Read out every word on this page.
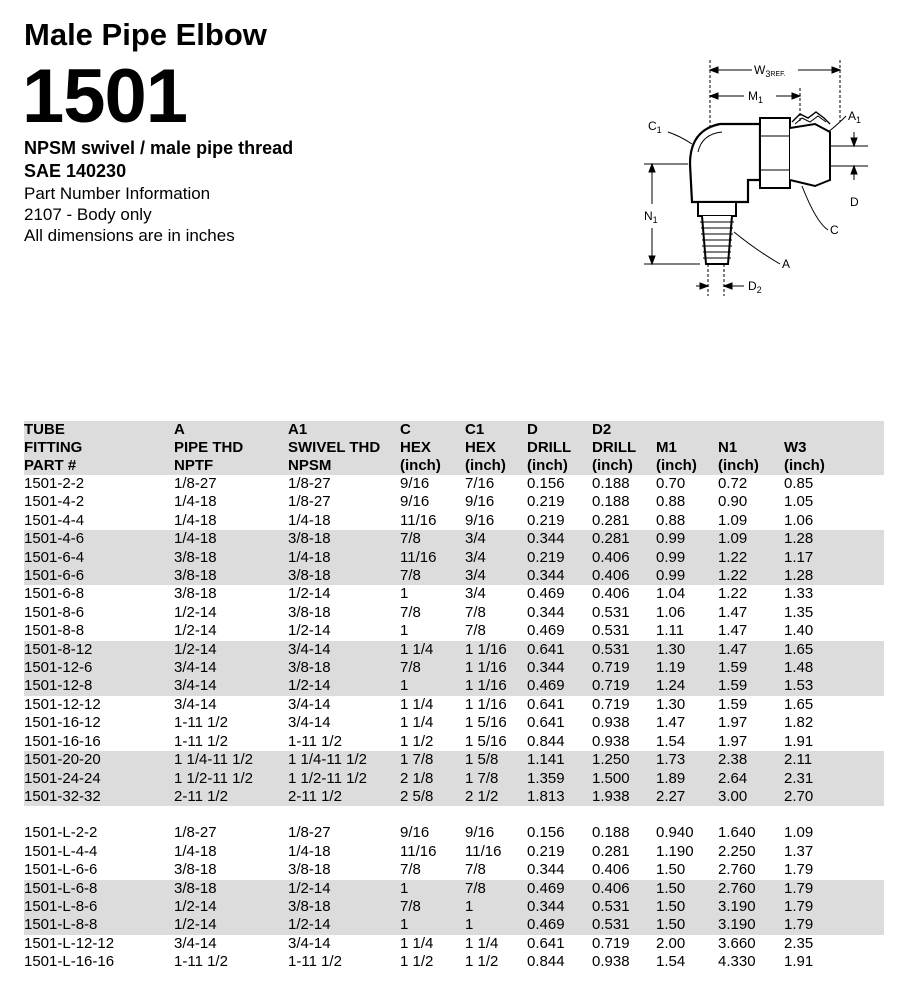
Male Pipe Elbow
1501
NPSM swivel / male pipe thread
SAE 140230
Part Number Information
2107 - Body only
All dimensions are in inches
$W_3REF$.
$M_1$
$C_1$
D
$A_1$
C
A
$N_1$
$D_2$
TUBE	A	A1	C	C1	D	D2			
FITTING	PIPE THD	SWIVEL THD	HEX	HEX	DRILL	DRILL	M1	N1	W3
PART #	NPTF	NPSM	(inch)	(inch)	(inch)	(inch)	(inch)	(inch)	(inch)
1501-2-2	1/8-27	1/8-27	9/16	7/16	0.156	0.188	0.70	0.72	0.85
1501-4-2	1/4-18	1/8-27	9/16	9/16	0.219	0.188	0.88	0.90	1.05
1501-4-4	1/4-18	1/4-18	11/16	9/16	0.219	0.281	0.88	1.09	1.06
1501-4-6	1/4-18	3/8-18	7/8	3/4	0.344	0.281	0.99	1.09	1.28
1501-6-4	3/8-18	1/4-18	11/16	3/4	0.219	0.406	0.99	1.22	1.17
1501-6-6	3/8-18	3/8-18	7/8	3/4	0.344	0.406	0.99	1.22	1.28
1501-6-8	3/8-18	1/2-14	1	3/4	0.469	0.406	1.04	1.22	1.33
1501-8-6	1/2-14	3/8-18	7/8	7/8	0.344	0.531	1.06	1.47	1.35
1501-8-8	1/2-14	1/2-14	1	7/8	0.469	0.531	1.11	1.47	1.40
1501-8-12	1/2-14	3/4-14	1 1/4	1 1/16	0.641	0.531	1.30	1.47	1.65
1501-12-6	3/4-14	3/8-18	7/8	1 1/16	0.344	0.719	1.19	1.59	1.48
1501-12-8	3/4-14	1/2-14	1	1 1/16	0.469	0.719	1.24	1.59	1.53
1501-12-12	3/4-14	3/4-14	1 1/4	1 1/16	0.641	0.719	1.30	1.59	1.65
1501-16-12	1-11 1/2	3/4-14	1 1/4	1 5/16	0.641	0.938	1.47	1.97	1.82
1501-16-16	1-11 1/2	1-11 1/2	1 1/2	1 5/16	0.844	0.938	1.54	1.97	1.91
1501-20-20	1 1/4-11 1/2	1 1/4-11 1/2	1 7/8	1 5/8	1.141	1.250	1.73	2.38	2.11
1501-24-24	1 1/2-11 1/2	1 1/2-11 1/2	2 1/8	1 7/8	1.359	1.500	1.89	2.64	2.31
1501-32-32	2-11 1/2	2-11 1/2	2 5/8	2 1/2	1.813	1.938	2.27	3.00	2.70

1501-L-2-2	1/8-27	1/8-27	9/16	9/16	0.156	0.188	0.940	1.640	1.09
1501-L-4-4	1/4-18	1/4-18	11/16	11/16	0.219	0.281	1.190	2.250	1.37
1501-L-6-6	3/8-18	3/8-18	7/8	7/8	0.344	0.406	1.50	2.760	1.79
1501-L-6-8	3/8-18	1/2-14	1	7/8	0.469	0.406	1.50	2.760	1.79
1501-L-8-6	1/2-14	3/8-18	7/8	1	0.344	0.531	1.50	3.190	1.79
1501-L-8-8	1/2-14	1/2-14	1	1	0.469	0.531	1.50	3.190	1.79
1501-L-12-12	3/4-14	3/4-14	1 1/4	1 1/4	0.641	0.719	2.00	3.660	2.35
1501-L-16-16	1-11 1/2	1-11 1/2	1 1/2	1 1/2	0.844	0.938	1.54	4.330	1.91
